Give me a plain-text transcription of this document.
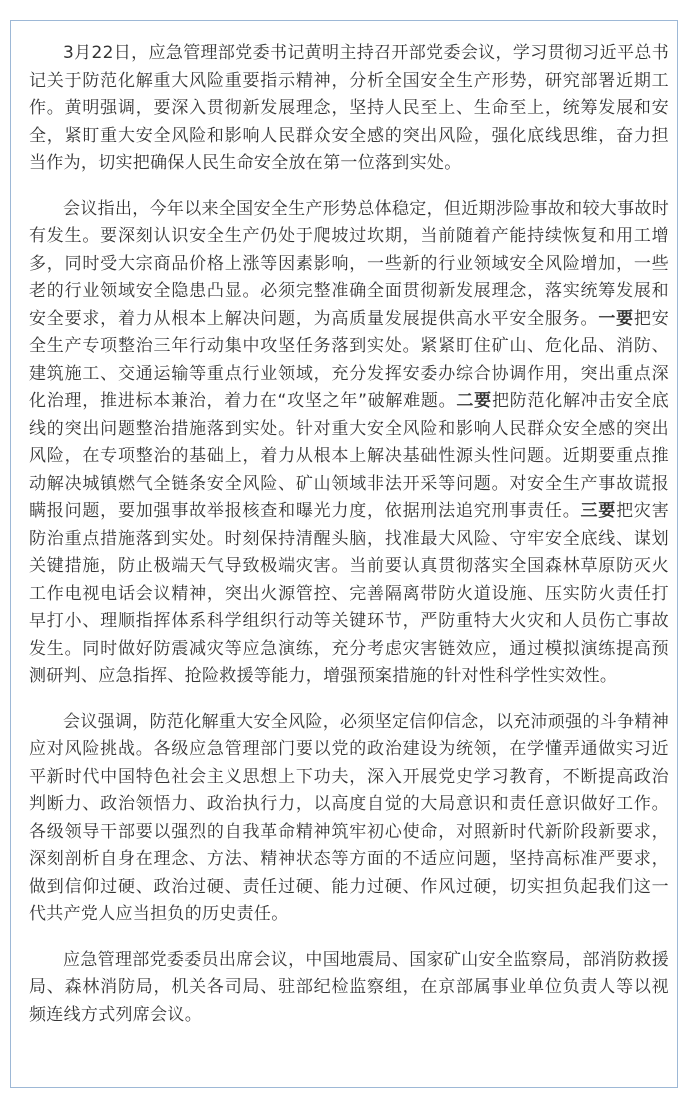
3月22日，应急管理部党委书记黄明主持召开部党委会议，学习贯彻习近平总书记关于防范化解重大风险重要指示精神，分析全国安全生产形势，研究部署近期工作。黄明强调，要深入贯彻新发展理念，坚持人民至上、生命至上，统筹发展和安全，紧盯重大安全风险和影响人民群众安全感的突出风险，强化底线思维，奋力担当作为，切实把确保人民生命安全放在第一位落到实处。

会议指出，今年以来全国安全生产形势总体稳定，但近期涉险事故和较大事故时有发生。要深刻认识安全生产仍处于爬坡过坎期，当前随着产能持续恢复和用工增多，同时受大宗商品价格上涨等因素影响，一些新的行业领域安全风险增加，一些老的行业领域安全隐患凸显。必须完整准确全面贯彻新发展理念，落实统筹发展和安全要求，着力从根本上解决问题，为高质量发展提供高水平安全服务。一要把安全生产专项整治三年行动集中攻坚任务落到实处。紧紧盯住矿山、危化品、消防、建筑施工、交通运输等重点行业领域，充分发挥安委办综合协调作用，突出重点深化治理，推进标本兼治，着力在“攻坚之年”破解难题。二要把防范化解冲击安全底线的突出问题整治措施落到实处。针对重大安全风险和影响人民群众安全感的突出风险，在专项整治的基础上，着力从根本上解决基础性源头性问题。近期要重点推动解决城镇燃气全链条安全风险、矿山领域非法开采等问题。对安全生产事故谎报瞒报问题，要加强事故举报核查和曝光力度，依据刑法追究刑事责任。三要把灾害防治重点措施落到实处。时刻保持清醒头脑，找准最大风险、守牢安全底线、谋划关键措施，防止极端天气导致极端灾害。当前要认真贯彻落实全国森林草原防灭火工作电视电话会议精神，突出火源管控、完善隔离带防火道设施、压实防火责任打早打小、理顺指挥体系科学组织行动等关键环节，严防重特大火灾和人员伤亡事故发生。同时做好防震减灾等应急演练，充分考虑灾害链效应，通过模拟演练提高预测研判、应急指挥、抢险救援等能力，增强预案措施的针对性科学性实效性。

会议强调，防范化解重大安全风险，必须坚定信仰信念，以充沛顽强的斗争精神应对风险挑战。各级应急管理部门要以党的政治建设为统领，在学懂弄通做实习近平新时代中国特色社会主义思想上下功夫，深入开展党史学习教育，不断提高政治判断力、政治领悟力、政治执行力，以高度自觉的大局意识和责任意识做好工作。各级领导干部要以强烈的自我革命精神筑牢初心使命，对照新时代新阶段新要求，深刻剖析自身在理念、方法、精神状态等方面的不适应问题，坚持高标准严要求，做到信仰过硬、政治过硬、责任过硬、能力过硬、作风过硬，切实担负起我们这一代共产党人应当担负的历史责任。

应急管理部党委委员出席会议，中国地震局、国家矿山安全监察局，部消防救援局、森林消防局，机关各司局、驻部纪检监察组，在京部属事业单位负责人等以视频连线方式列席会议。
